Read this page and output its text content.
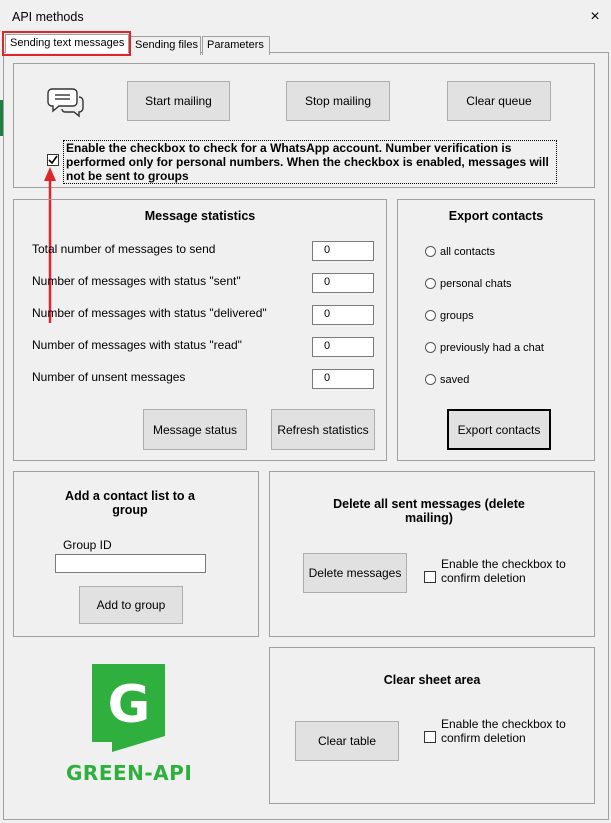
API methods	×
Sending text messages Sending files Parameters
Start mailing	Stop mailing	Clear queue
Enable the checkbox to check for a WhatsApp account. Number verification is performed only for personal numbers. When the checkbox is enabled, messages will not be sent to groups
Message statistics
Total number of messages to send	0
Number of messages with status "sent"	0
Number of messages with status "delivered"	0
Number of messages with status "read"	0
Number of unsent messages	0
Message status	Refresh statistics
Export contacts
all contacts
personal chats
groups
previously had a chat
saved
Export contacts
Add a contact list to a group
Group ID
Add to group
Delete all sent messages (delete mailing)
Delete messages
Enable the checkbox to confirm deletion
Clear sheet area
Clear table
Enable the checkbox to confirm deletion
G
GREEN-API
